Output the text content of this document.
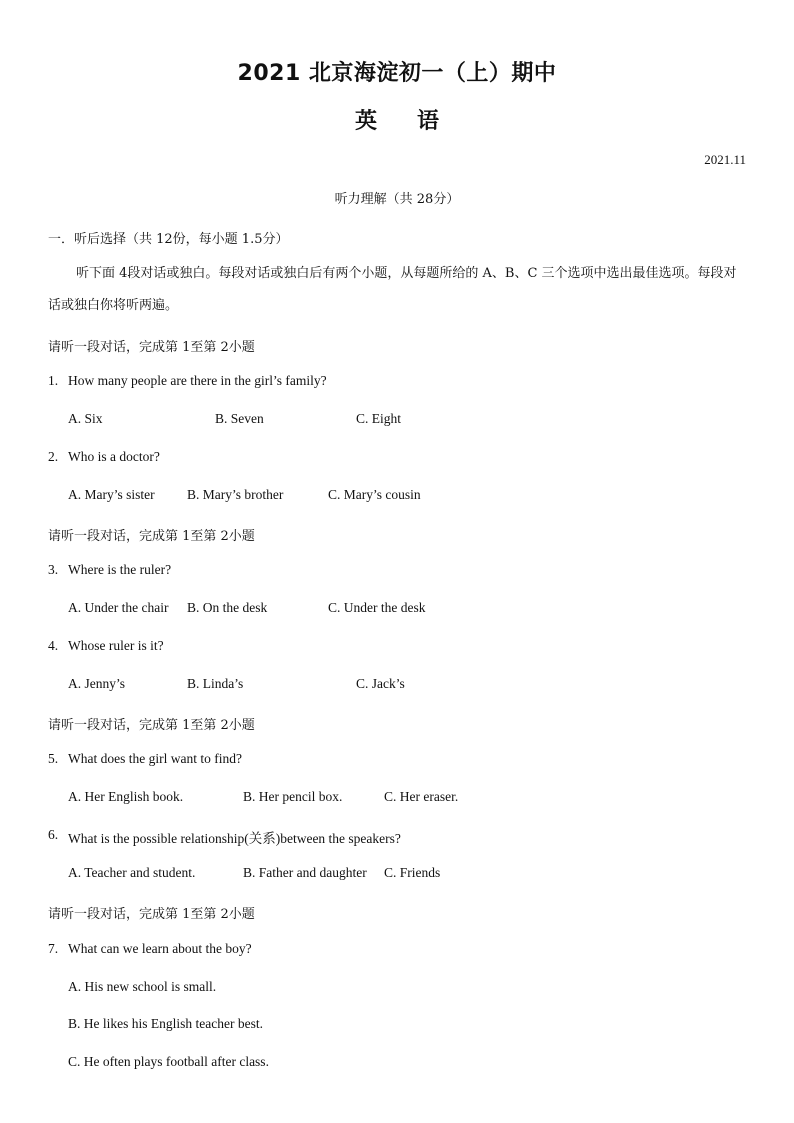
2021 北京海淀初一（上）期中
英语
2021.11
听力理解（共 28分）
一．听后选择（共 12份，每小题 1.5分）
听下面 4段对话或独白。每段对话或独白后有两个小题，从每题所给的 A、B、C 三个选项中选出最佳选项。每段对话或独白你将听两遍。
请听一段对话，完成第 1至第 2小题
1. How many people are there in the girl’s family?
A. Six	B. Seven	C. Eight
2. Who is a doctor?
A. Mary’s sister B. Mary’s brother	C. Mary’s cousin
请听一段对话，完成第 1至第 2小题
3. Where is the ruler?
A. Under the chair B. On the desk	C. Under the desk
4. Whose ruler is it?
A. Jenny’s	B. Linda’s	C. Jack’s
请听一段对话，完成第 1至第 2小题
5. What does the girl want to find?
A. Her English book.	B. Her pencil box.	C. Her eraser.
6. What is the possible relationship(关系)between the speakers?
A. Teacher and student.	B. Father and daughter C. Friends
请听一段对话，完成第 1至第 2小题
7. What can we learn about the boy?
A. His new school is small.
B. He likes his English teacher best.
C. He often plays football after class.
